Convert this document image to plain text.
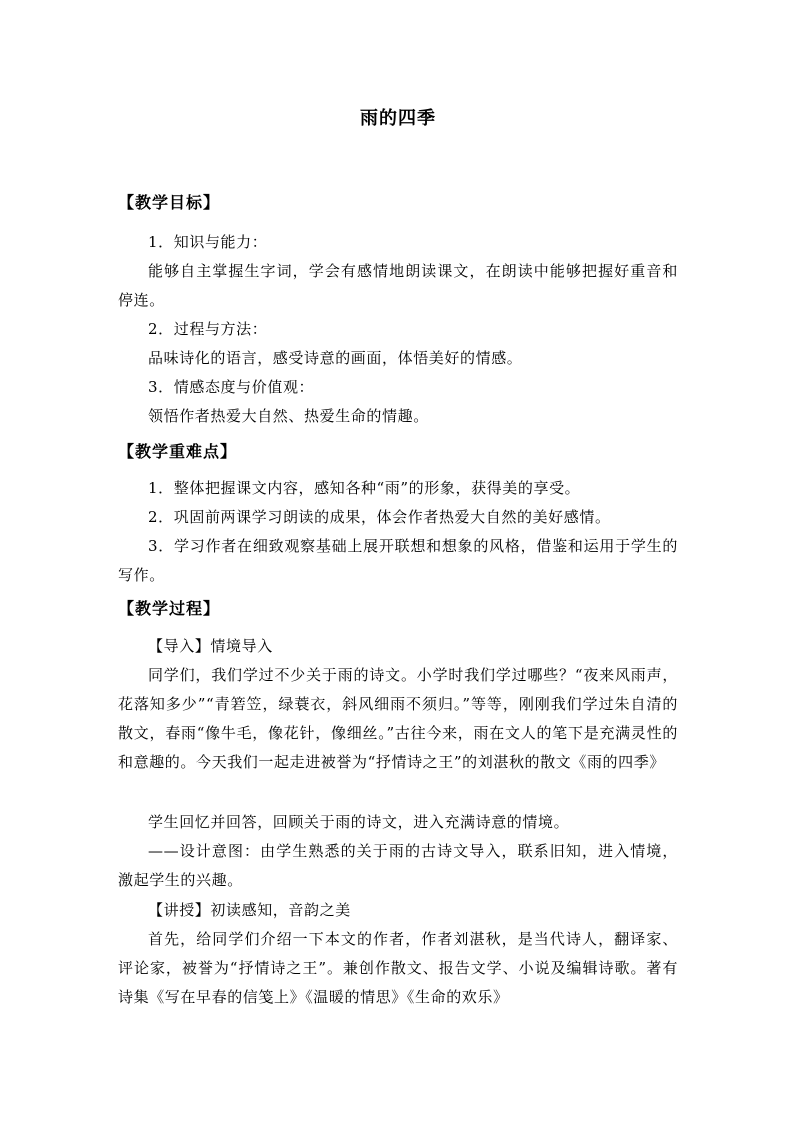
雨的四季
【教学目标】
1．知识与能力：
能够自主掌握生字词，学会有感情地朗读课文，在朗读中能够把握好重音和停连。
2．过程与方法：
品味诗化的语言，感受诗意的画面，体悟美好的情感。
3．情感态度与价值观：
领悟作者热爱大自然、热爱生命的情趣。
【教学重难点】
1．整体把握课文内容，感知各种“雨”的形象，获得美的享受。
2．巩固前两课学习朗读的成果，体会作者热爱大自然的美好感情。
3．学习作者在细致观察基础上展开联想和想象的风格，借鉴和运用于学生的写作。
【教学过程】
【导入】情境导入
同学们，我们学过不少关于雨的诗文。小学时我们学过哪些？“夜来风雨声，花落知多少”“青箬笠，绿蓑衣，斜风细雨不须归。”等等，刚刚我们学过朱自清的散文，春雨“像牛毛，像花针，像细丝。”古往今来，雨在文人的笔下是充满灵性的和意趣的。今天我们一起走进被誉为“抒情诗之王”的刘湛秋的散文《雨的四季》
学生回忆并回答，回顾关于雨的诗文，进入充满诗意的情境。
——设计意图：由学生熟悉的关于雨的古诗文导入，联系旧知，进入情境，激起学生的兴趣。
【讲授】初读感知，音韵之美
首先，给同学们介绍一下本文的作者，作者刘湛秋，是当代诗人，翻译家、评论家，被誉为“抒情诗之王”。兼创作散文、报告文学、小说及编辑诗歌。著有诗集《写在早春的信笺上》《温暖的情思》《生命的欢乐》
